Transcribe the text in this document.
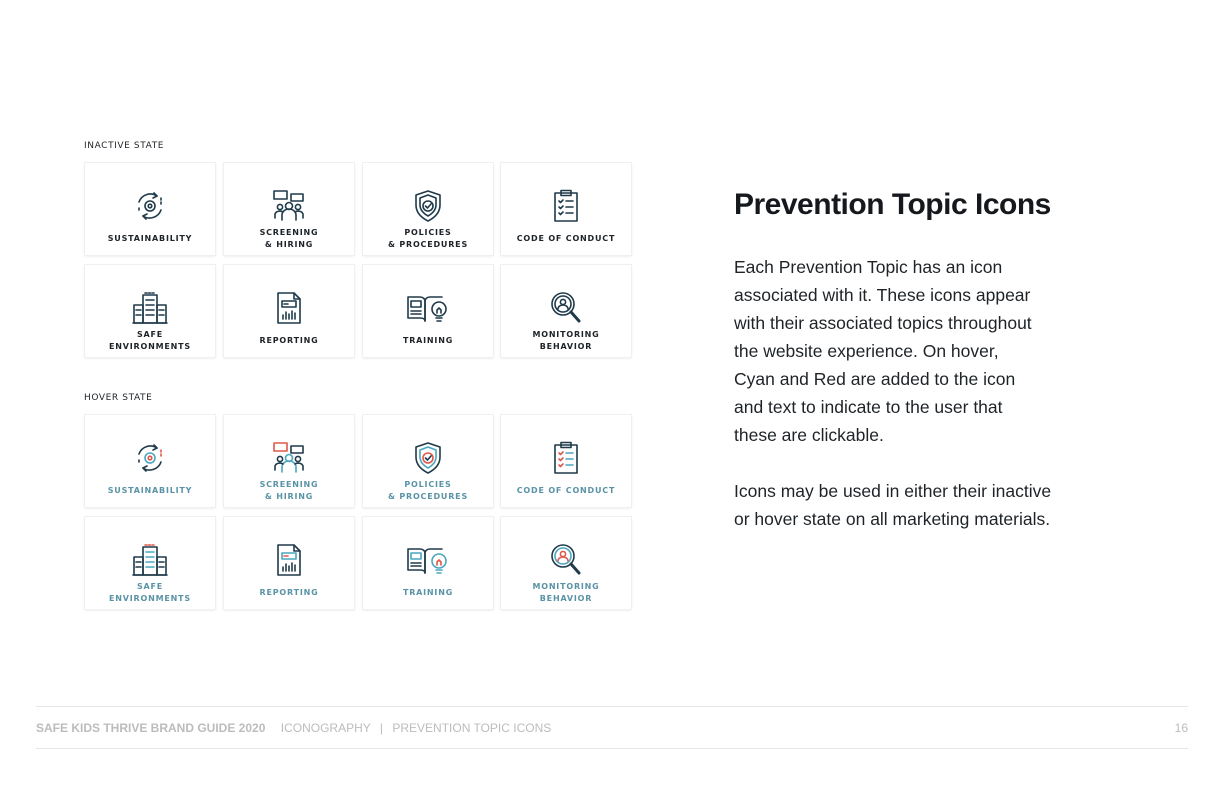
INACTIVE STATE
SUSTAINABILITY
SCREENING
& HIRING
POLICIES
& PROCEDURES
CODE OF CONDUCT
SAFE
ENVIRONMENTS
REPORTING	TRAINING
MONITORING
BEHAVIOR
HOVER STATE
SUSTAINABILITY
SCREENING
& HIRING
POLICIES
& PROCEDURES
CODE OF CONDUCT
SAFE
ENVIRONMENTS
REPORTING	TRAINING
MONITORING
BEHAVIOR
Prevention Topic Icons
Each Prevention Topic has an icon
associated with it. These icons appear
with their associated topics throughout
the website experience. On hover,
Cyan and Red are added to the icon
and text to indicate to the user that
these are clickable.
Icons may be used in either their inactive
or hover state on all marketing materials.
SAFE KIDS THRIVE BRAND GUIDE 2020 ICONOGRAPHY | PREVENTION TOPIC ICONS	16
